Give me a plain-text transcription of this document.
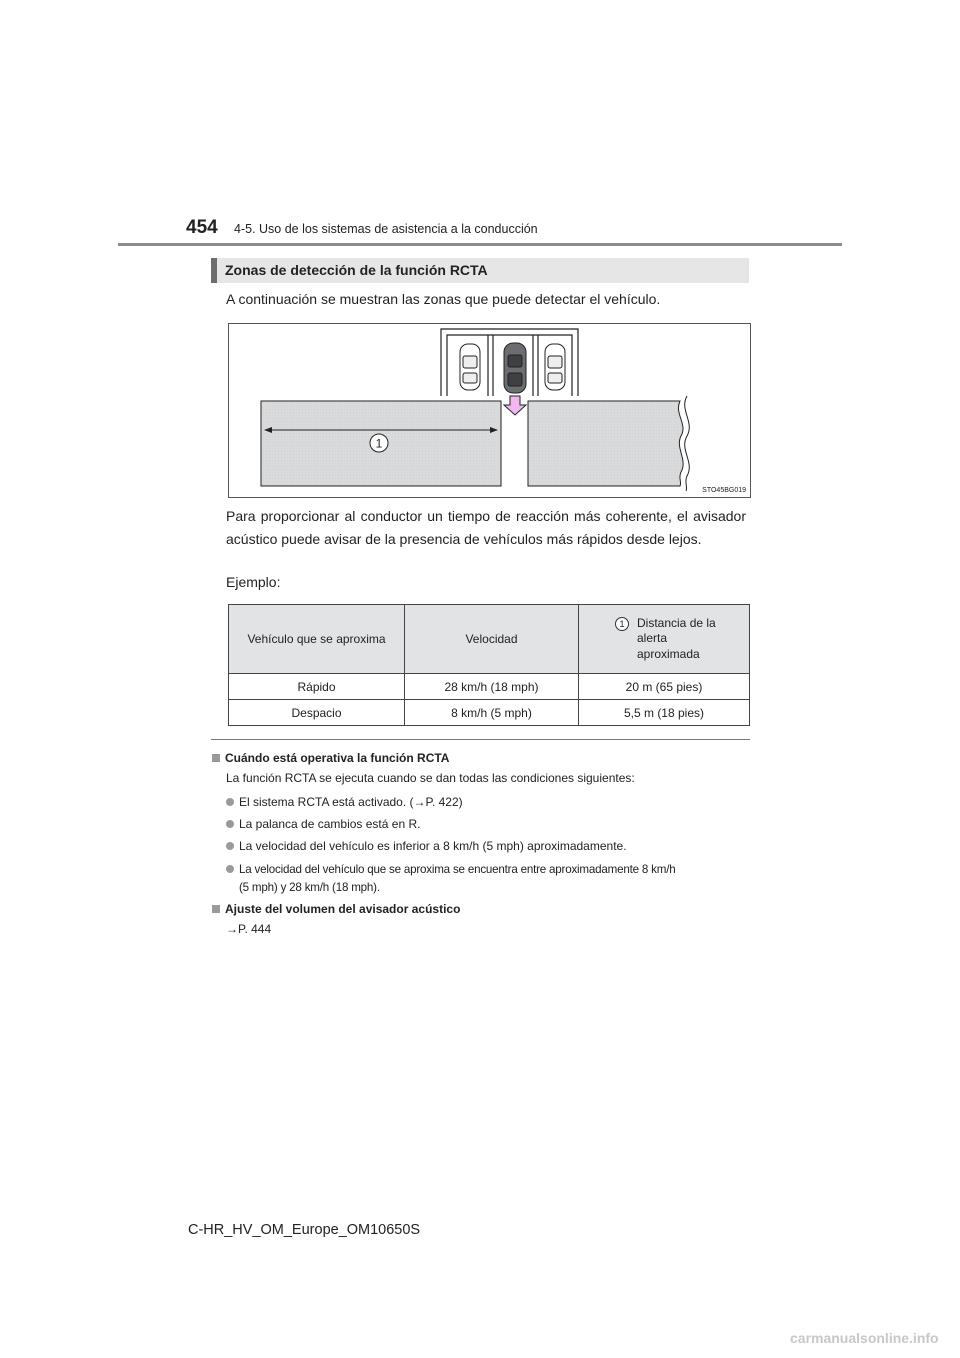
454 4-5. Uso de los sistemas de asistencia a la conducción
Zonas de detección de la función RCTA
A continuación se muestran las zonas que puede detectar el vehículo.
1
STO45BG019
Para proporcionar al conductor un tiempo de reacción más coherente, el avisador acústico puede avisar de la presencia de vehículos más rápidos desde lejos.
Ejemplo:
Vehículo que se aproxima	Velocidad	1 Distancia de la
alerta
aproximada

Rápido	28 km/h (18 mph)	20 m (65 pies)
Despacio	8 km/h (5 mph)	5,5 m (18 pies)
Cuándo está operativa la función RCTA
La función RCTA se ejecuta cuando se dan todas las condiciones siguientes:
El sistema RCTA está activado. (→P. 422)
La palanca de cambios está en R.
La velocidad del vehículo es inferior a 8 km/h (5 mph) aproximadamente.
La velocidad del vehículo que se aproxima se encuentra entre aproximadamente 8 km/h
(5 mph) y 28 km/h (18 mph).
Ajuste del volumen del avisador acústico
→P. 444
C-HR_HV_OM_Europe_OM10650S
carmanualsonline.info
